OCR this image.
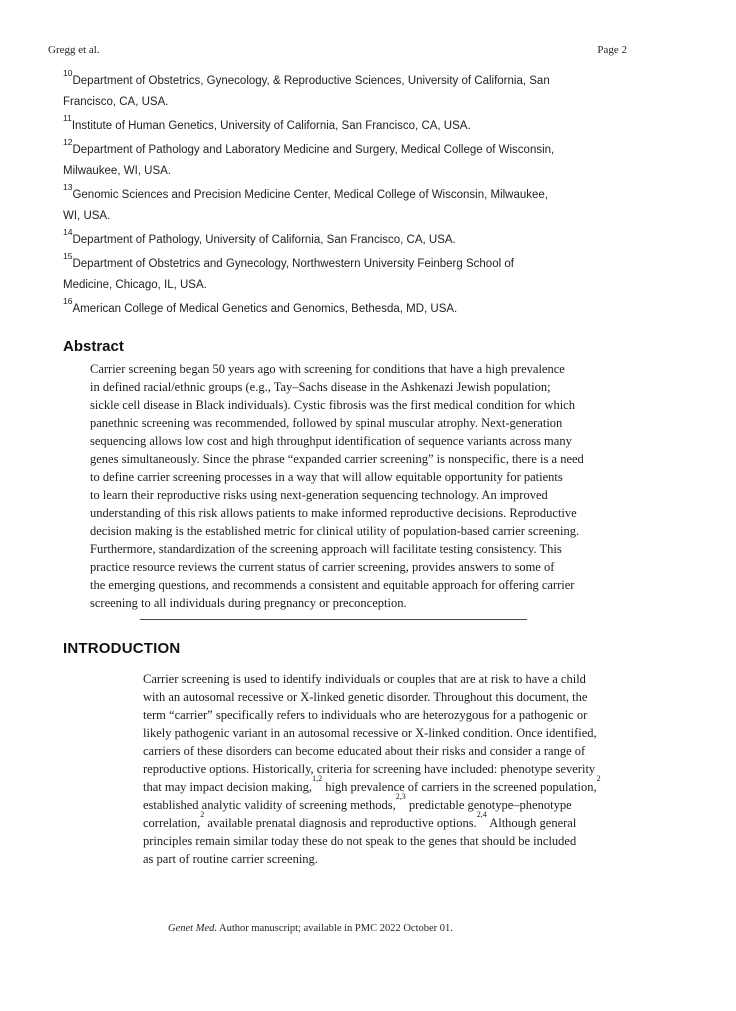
Gregg et al.	Page 2

$^{10}$Department of Obstetrics, Gynecology, & Reproductive Sciences, University of California, San
Francisco, CA, USA.

$^{11}$Institute of Human Genetics, University of California, San Francisco, CA, USA.

$^{12}$Department of Pathology and Laboratory Medicine and Surgery, Medical College of Wisconsin,
Milwaukee, WI, USA.

$^{13}$Genomic Sciences and Precision Medicine Center, Medical College of Wisconsin, Milwaukee,
WI, USA.

$^{14}$Department of Pathology, University of California, San Francisco, CA, USA.

$^{15}$Department of Obstetrics and Gynecology, Northwestern University Feinberg School of
Medicine, Chicago, IL, USA.

$^{16}$American College of Medical Genetics and Genomics, Bethesda, MD, USA.

Abstract

Carrier screening began 50 years ago with screening for conditions that have a high prevalence
in defined racial/ethnic groups (e.g., Tay–Sachs disease in the Ashkenazi Jewish population;
sickle cell disease in Black individuals). Cystic fibrosis was the first medical condition for which
panethnic screening was recommended, followed by spinal muscular atrophy. Next-generation
sequencing allows low cost and high throughput identification of sequence variants across many
genes simultaneously. Since the phrase “expanded carrier screening” is nonspecific, there is a need
to define carrier screening processes in a way that will allow equitable opportunity for patients
to learn their reproductive risks using next-generation sequencing technology. An improved
understanding of this risk allows patients to make informed reproductive decisions. Reproductive
decision making is the established metric for clinical utility of population-based carrier screening.
Furthermore, standardization of the screening approach will facilitate testing consistency. This
practice resource reviews the current status of carrier screening, provides answers to some of
the emerging questions, and recommends a consistent and equitable approach for offering carrier
screening to all individuals during pregnancy or preconception.

INTRODUCTION

Carrier screening is used to identify individuals or couples that are at risk to have a child
with an autosomal recessive or X-linked genetic disorder. Throughout this document, the
term “carrier” specifically refers to individuals who are heterozygous for a pathogenic or
likely pathogenic variant in an autosomal recessive or X-linked condition. Once identified,
carriers of these disorders can become educated about their risks and consider a range of
reproductive options. Historically, criteria for screening have included: phenotype severity
that may impact decision making,$^{1,2}$ high prevalence of carriers in the screened population,$^2$
established analytic validity of screening methods,$^{2,3}$ predictable genotype–phenotype
correlation,$^2$ available prenatal diagnosis and reproductive options.$^{2,4}$ Although general
principles remain similar today these do not speak to the genes that should be included
as part of routine carrier screening.

Genet Med. Author manuscript; available in PMC 2022 October 01.
